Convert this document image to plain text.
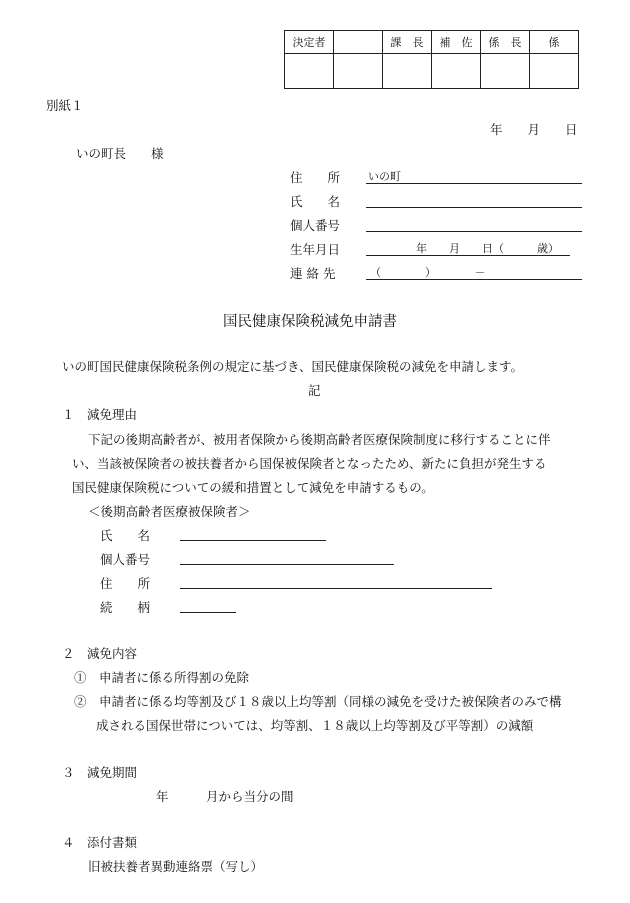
決定者		課　長	補　佐	係　長	係

別紙１
年　　月　　日
いの町長　　様
住　　所	いの町
氏　　名
個人番号
生年月日	年　　月　　日（　　　歳）
連 絡 先	（　　　　）　　　　－
国民健康保険税減免申請書
いの町国民健康保険税条例の規定に基づき、国民健康保険税の減免を申請します。
記
１　減免理由
下記の後期高齢者が、被用者保険から後期高齢者医療保険制度に移行することに伴
い、当該被保険者の被扶養者から国保被保険者となったため、新たに負担が発生する
国民健康保険税についての緩和措置として減免を申請するもの。
＜後期高齢者医療被保険者＞
氏　　名
個人番号
住　　所
続　　柄
２　減免内容
①　申請者に係る所得割の免除
②　申請者に係る均等割及び１８歳以上均等割（同様の減免を受けた被保険者のみで構
成される国保世帯については、均等割、１８歳以上均等割及び平等割）の減額
３　減免期間
年　　　月から当分の間
４　添付書類
旧被扶養者異動連絡票（写し）
